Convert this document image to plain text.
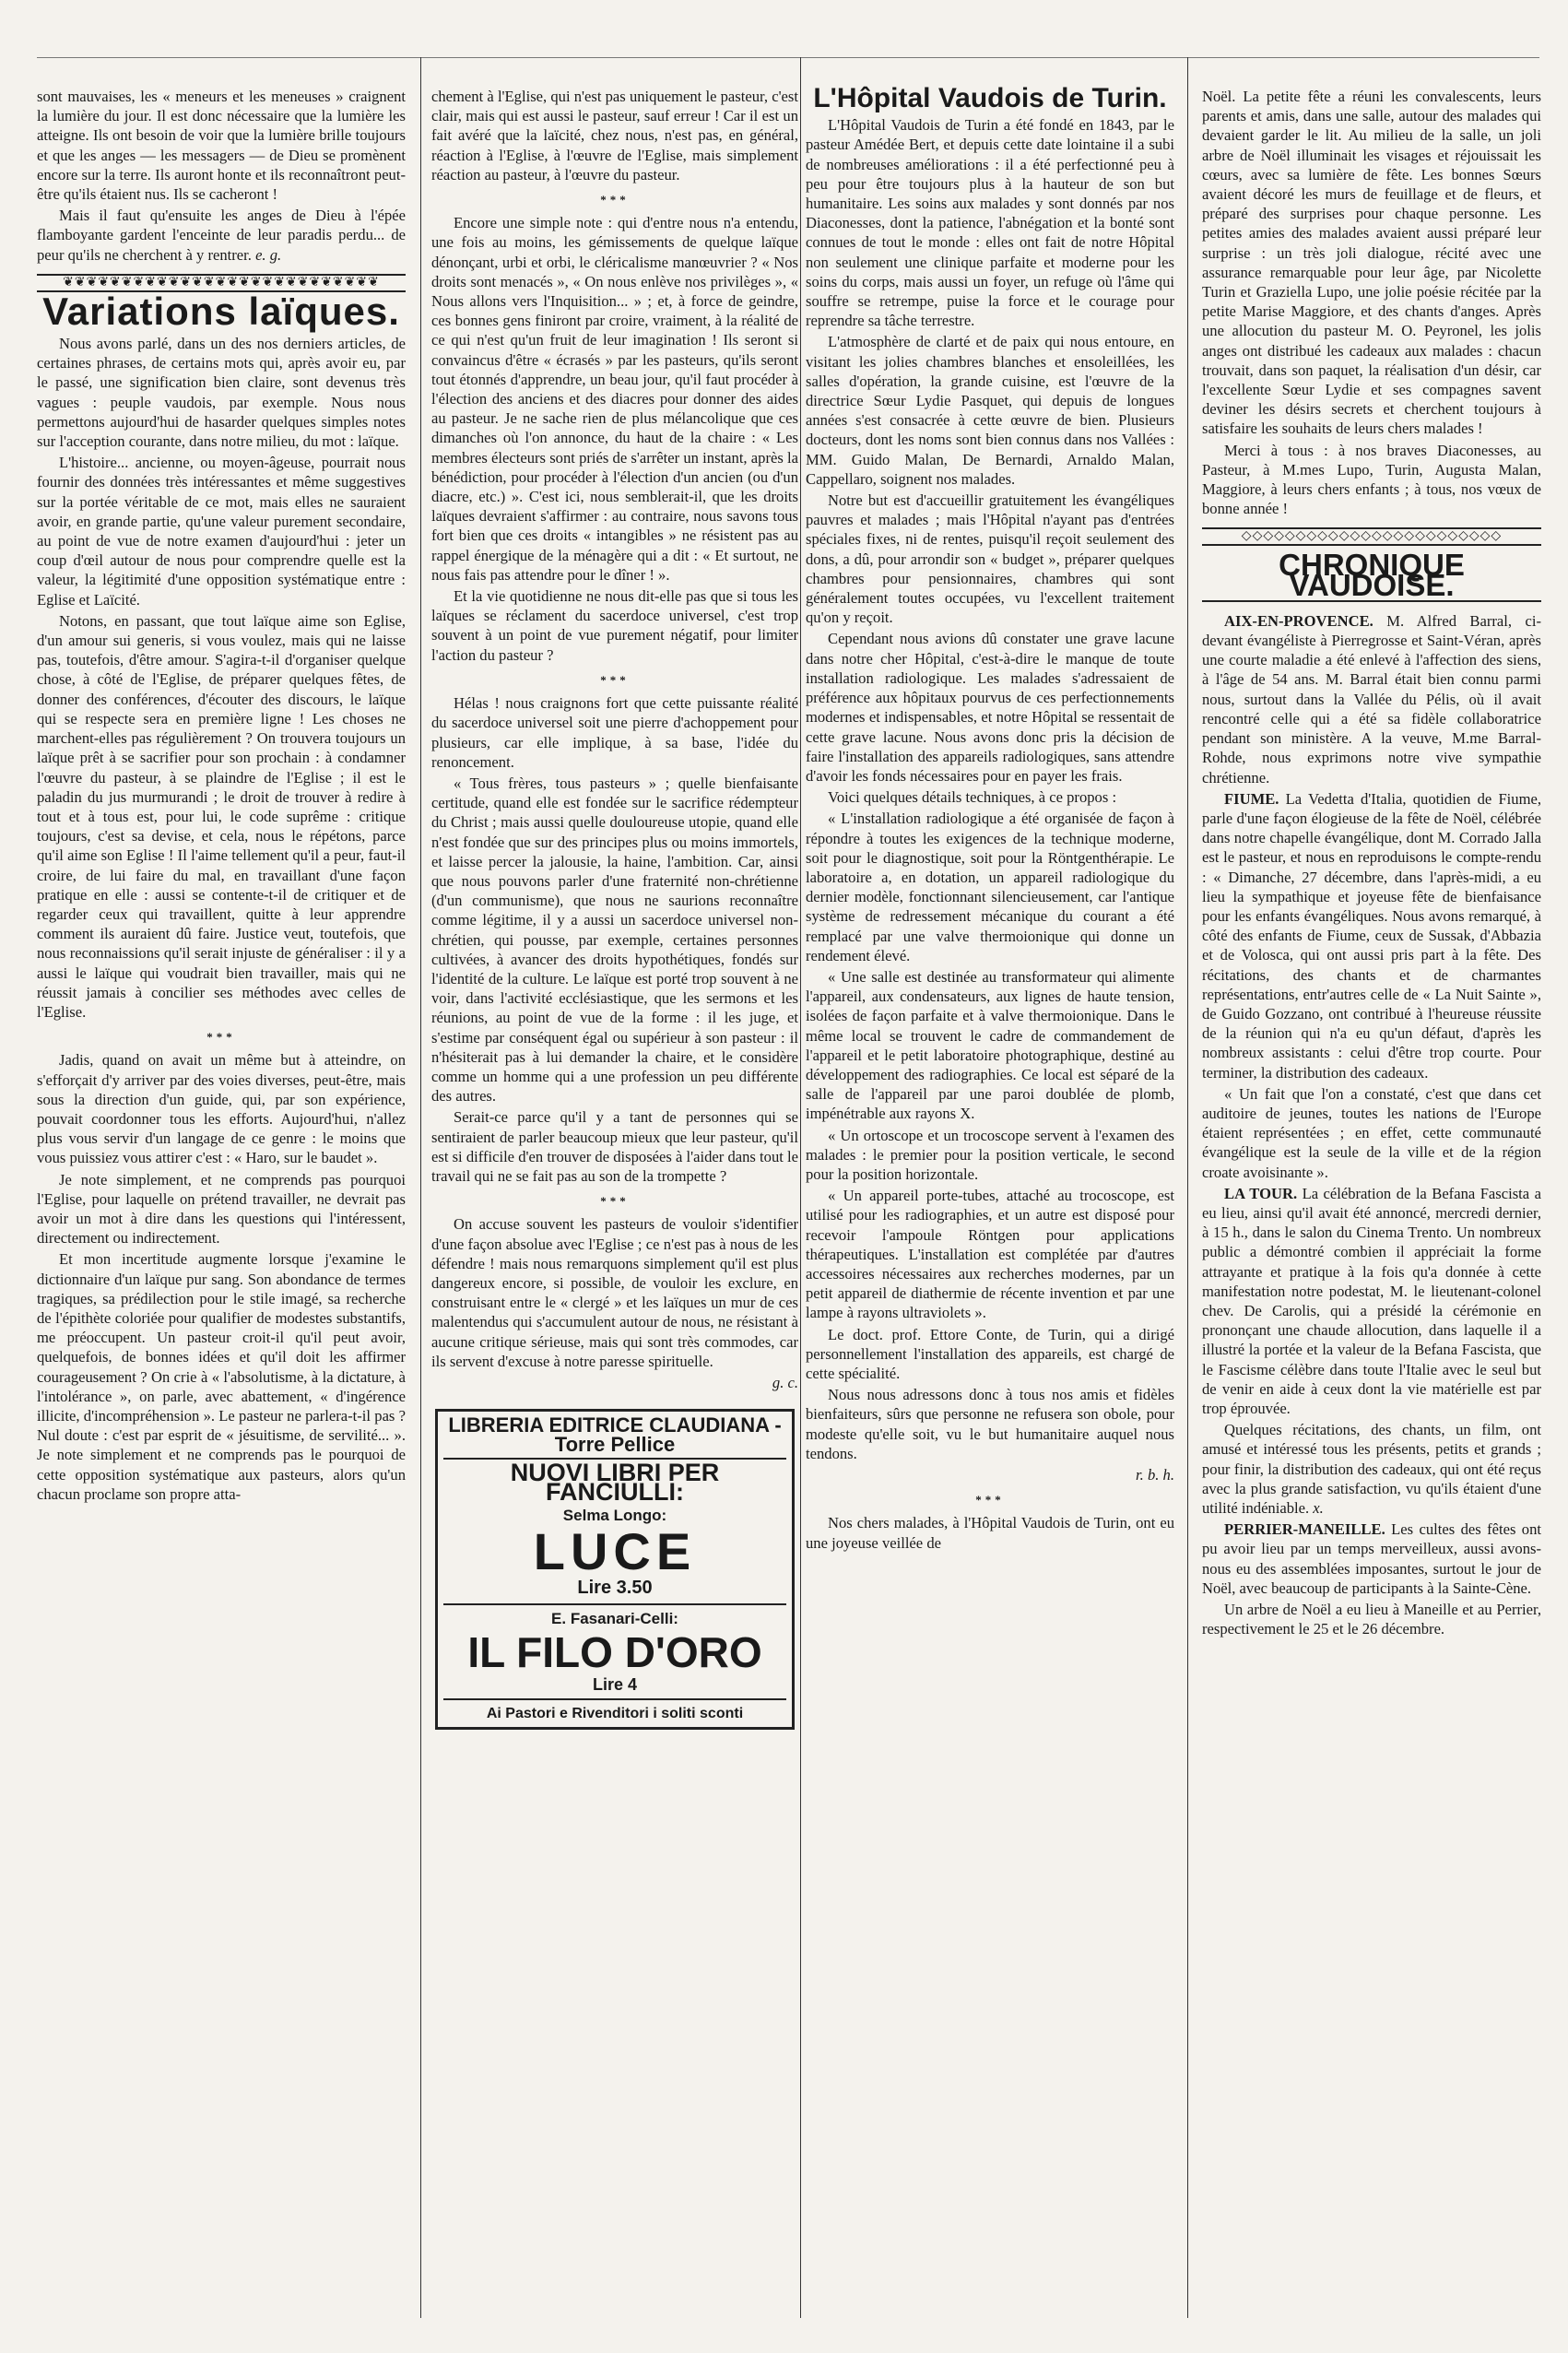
sont mauvaises, les « meneurs et les meneuses » craignent la lumière du jour. Il est donc nécessaire que la lumière les atteigne. Ils ont besoin de voir que la lumière brille toujours et que les anges — les messagers — de Dieu se promènent encore sur la terre. Ils auront honte et ils reconnaîtront peut-être qu'ils étaient nus. Ils se cacheront !

Mais il faut qu'ensuite les anges de Dieu à l'épée flamboyante gardent l'enceinte de leur paradis perdu... de peur qu'ils ne cherchent à y rentrer. e. g.

❦❦❦❦❦❦❦❦❦❦❦❦❦❦❦❦❦❦❦❦❦❦❦❦❦❦❦
Variations laïques.

Nous avons parlé, dans un des nos derniers articles, de certaines phrases, de certains mots qui, après avoir eu, par le passé, une signification bien claire, sont devenus très vagues : peuple vaudois, par exemple. Nous nous permettons aujourd'hui de hasarder quelques simples notes sur l'acception courante, dans notre milieu, du mot : laïque.

L'histoire... ancienne, ou moyen-âgeuse, pourrait nous fournir des données très intéressantes et même suggestives sur la portée véritable de ce mot, mais elles ne sauraient avoir, en grande partie, qu'une valeur purement secondaire, au point de vue de notre examen d'aujourd'hui : jeter un coup d'œil autour de nous pour comprendre quelle est la valeur, la légitimité d'une opposition systématique entre : Eglise et Laïcité.

Notons, en passant, que tout laïque aime son Eglise, d'un amour sui generis, si vous voulez, mais qui ne laisse pas, toutefois, d'être amour. S'agira-t-il d'organiser quelque chose, à côté de l'Eglise, de préparer quelques fêtes, de donner des conférences, d'écouter des discours, le laïque qui se respecte sera en première ligne ! Les choses ne marchent-elles pas régulièrement ? On trouvera toujours un laïque prêt à se sacrifier pour son prochain : à condamner l'œuvre du pasteur, à se plaindre de l'Eglise ; il est le paladin du jus murmurandi ; le droit de trouver à redire à tout et à tous est, pour lui, le code suprême : critique toujours, c'est sa devise, et cela, nous le répétons, parce qu'il aime son Eglise ! Il l'aime tellement qu'il a peur, faut-il croire, de lui faire du mal, en travaillant d'une façon pratique en elle : aussi se contente-t-il de critiquer et de regarder ceux qui travaillent, quitte à leur apprendre comment ils auraient dû faire. Justice veut, toutefois, que nous reconnaissions qu'il serait injuste de généraliser : il y a aussi le laïque qui voudrait bien travailler, mais qui ne réussit jamais à concilier ses méthodes avec celles de l'Eglise.

***

Jadis, quand on avait un même but à atteindre, on s'efforçait d'y arriver par des voies diverses, peut-être, mais sous la direction d'un guide, qui, par son expérience, pouvait coordonner tous les efforts. Aujourd'hui, n'allez plus vous servir d'un langage de ce genre : le moins que vous puissiez vous attirer c'est : « Haro, sur le baudet ».

Je note simplement, et ne comprends pas pourquoi l'Eglise, pour laquelle on prétend travailler, ne devrait pas avoir un mot à dire dans les questions qui l'intéressent, directement ou indirectement.

Et mon incertitude augmente lorsque j'examine le dictionnaire d'un laïque pur sang. Son abondance de termes tragiques, sa prédilection pour le stile imagé, sa recherche de l'épithète coloriée pour qualifier de modestes substantifs, me préoccupent. Un pasteur croit-il qu'il peut avoir, quelquefois, de bonnes idées et qu'il doit les affirmer courageusement ? On crie à « l'absolutisme, à la dictature, à l'intolérance », on parle, avec abattement, « d'ingérence illicite, d'incompréhension ». Le pasteur ne parlera-t-il pas ? Nul doute : c'est par esprit de « jésuitisme, de servilité... ». Je note simplement et ne comprends pas le pourquoi de cette opposition systématique aux pasteurs, alors qu'un chacun proclame son propre atta-

chement à l'Eglise, qui n'est pas uniquement le pasteur, c'est clair, mais qui est aussi le pasteur, sauf erreur ! Car il est un fait avéré que la laïcité, chez nous, n'est pas, en général, réaction à l'Eglise, à l'œuvre de l'Eglise, mais simplement réaction au pasteur, à l'œuvre du pasteur.

***

Encore une simple note : qui d'entre nous n'a entendu, une fois au moins, les gémissements de quelque laïque dénonçant, urbi et orbi, le cléricalisme manœuvrier ? « Nos droits sont menacés », « On nous enlève nos privilèges », « Nous allons vers l'Inquisition... » ; et, à force de geindre, ces bonnes gens finiront par croire, vraiment, à la réalité de ce qui n'est qu'un fruit de leur imagination ! Ils seront si convaincus d'être « écrasés » par les pasteurs, qu'ils seront tout étonnés d'apprendre, un beau jour, qu'il faut procéder à l'élection des anciens et des diacres pour donner des aides au pasteur. Je ne sache rien de plus mélancolique que ces dimanches où l'on annonce, du haut de la chaire : « Les membres électeurs sont priés de s'arrêter un instant, après la bénédiction, pour procéder à l'élection d'un ancien (ou d'un diacre, etc.) ». C'est ici, nous semblerait-il, que les droits laïques devraient s'affirmer : au contraire, nous savons tous fort bien que ces droits « intangibles » ne résistent pas au rappel énergique de la ménagère qui a dit : « Et surtout, ne nous fais pas attendre pour le dîner ! ».

Et la vie quotidienne ne nous dit-elle pas que si tous les laïques se réclament du sacerdoce universel, c'est trop souvent à un point de vue purement négatif, pour limiter l'action du pasteur ?

***

Hélas ! nous craignons fort que cette puissante réalité du sacerdoce universel soit une pierre d'achoppement pour plusieurs, car elle implique, à sa base, l'idée du renoncement.

« Tous frères, tous pasteurs » ; quelle bienfaisante certitude, quand elle est fondée sur le sacrifice rédempteur du Christ ; mais aussi quelle douloureuse utopie, quand elle n'est fondée que sur des principes plus ou moins immortels, et laisse percer la jalousie, la haine, l'ambition. Car, ainsi que nous pouvons parler d'une fraternité non-chrétienne (d'un communisme), que nous ne saurions reconnaître comme légitime, il y a aussi un sacerdoce universel non-chrétien, qui pousse, par exemple, certaines personnes cultivées, à avancer des droits hypothétiques, fondés sur l'identité de la culture. Le laïque est porté trop souvent à ne voir, dans l'activité ecclésiastique, que les sermons et les réunions, au point de vue de la forme : il les juge, et s'estime par conséquent égal ou supérieur à son pasteur : il n'hésiterait pas à lui demander la chaire, et le considère comme un homme qui a une profession un peu différente des autres.

Serait-ce parce qu'il y a tant de personnes qui se sentiraient de parler beaucoup mieux que leur pasteur, qu'il est si difficile d'en trouver de disposées à l'aider dans tout le travail qui ne se fait pas au son de la trompette ?

***

On accuse souvent les pasteurs de vouloir s'identifier d'une façon absolue avec l'Eglise ; ce n'est pas à nous de les défendre ! mais nous remarquons simplement qu'il est plus dangereux encore, si possible, de vouloir les exclure, en construisant entre le « clergé » et les laïques un mur de ces malentendus qui s'accumulent autour de nous, ne résistant à aucune critique sérieuse, mais qui sont très commodes, car ils servent d'excuse à notre paresse spirituelle.

g. c.
LIBRERIA EDITRICE CLAUDIANA - Torre Pellice
NUOVI LIBRI PER FANCIULLI:
Selma Longo:
LUCE
Lire 3.50
E. Fasanari-Celli:
IL FILO D'ORO
Lire 4
Ai Pastori e Rivenditori i soliti sconti
L'Hôpital Vaudois de Turin.

L'Hôpital Vaudois de Turin a été fondé en 1843, par le pasteur Amédée Bert, et depuis cette date lointaine il a subi de nombreuses améliorations : il a été perfectionné peu à peu pour être toujours plus à la hauteur de son but humanitaire. Les soins aux malades y sont donnés par nos Diaconesses, dont la patience, l'abnégation et la bonté sont connues de tout le monde : elles ont fait de notre Hôpital non seulement une clinique parfaite et moderne pour les soins du corps, mais aussi un foyer, un refuge où l'âme qui souffre se retrempe, puise la force et le courage pour reprendre sa tâche terrestre.

L'atmosphère de clarté et de paix qui nous entoure, en visitant les jolies chambres blanches et ensoleillées, les salles d'opération, la grande cuisine, est l'œuvre de la directrice Sœur Lydie Pasquet, qui depuis de longues années s'est consacrée à cette œuvre de bien. Plusieurs docteurs, dont les noms sont bien connus dans nos Vallées : MM. Guido Malan, De Bernardi, Arnaldo Malan, Cappellaro, soignent nos malades.

Notre but est d'accueillir gratuitement les évangéliques pauvres et malades ; mais l'Hôpital n'ayant pas d'entrées spéciales fixes, ni de rentes, puisqu'il reçoit seulement des dons, a dû, pour arrondir son « budget », préparer quelques chambres pour pensionnaires, chambres qui sont généralement toutes occupées, vu l'excellent traitement qu'on y reçoit.

Cependant nous avions dû constater une grave lacune dans notre cher Hôpital, c'est-à-dire le manque de toute installation radiologique. Les malades s'adressaient de préférence aux hôpitaux pourvus de ces perfectionnements modernes et indispensables, et notre Hôpital se ressentait de cette grave lacune. Nous avons donc pris la décision de faire l'installation des appareils radiologiques, sans attendre d'avoir les fonds nécessaires pour en payer les frais.

Voici quelques détails techniques, à ce propos :

« L'installation radiologique a été organisée de façon à répondre à toutes les exigences de la technique moderne, soit pour le diagnostique, soit pour la Röntgenthérapie. Le laboratoire a, en dotation, un appareil radiologique du dernier modèle, fonctionnant silencieusement, car l'antique système de redressement mécanique du courant a été remplacé par une valve thermoionique qui donne un rendement élevé.

« Une salle est destinée au transformateur qui alimente l'appareil, aux condensateurs, aux lignes de haute tension, isolées de façon parfaite et à valve thermoionique. Dans le même local se trouvent le cadre de commandement de l'appareil et le petit laboratoire photographique, destiné au développement des radiographies. Ce local est séparé de la salle de l'appareil par une paroi doublée de plomb, impénétrable aux rayons X.

« Un ortoscope et un trocoscope servent à l'examen des malades : le premier pour la position verticale, le second pour la position horizontale.

« Un appareil porte-tubes, attaché au trocoscope, est utilisé pour les radiographies, et un autre est disposé pour recevoir l'ampoule Röntgen pour applications thérapeutiques. L'installation est complétée par d'autres accessoires nécessaires aux recherches modernes, par un petit appareil de diathermie de récente invention et par une lampe à rayons ultraviolets ».

Le doct. prof. Ettore Conte, de Turin, qui a dirigé personnellement l'installation des appareils, est chargé de cette spécialité.

Nous nous adressons donc à tous nos amis et fidèles bienfaiteurs, sûrs que personne ne refusera son obole, pour modeste qu'elle soit, vu le but humanitaire auquel nous tendons.

r. b. h.
***

Nos chers malades, à l'Hôpital Vaudois de Turin, ont eu une joyeuse veillée de

Noël. La petite fête a réuni les convalescents, leurs parents et amis, dans une salle, autour des malades qui devaient garder le lit. Au milieu de la salle, un joli arbre de Noël illuminait les visages et réjouissait les cœurs, avec sa lumière de fête. Les bonnes Sœurs avaient décoré les murs de feuillage et de fleurs, et préparé des surprises pour chaque personne. Les petites amies des malades avaient aussi préparé leur surprise : un très joli dialogue, récité avec une assurance remarquable pour leur âge, par Nicolette Turin et Graziella Lupo, une jolie poésie récitée par la petite Marise Maggiore, et des chants d'anges. Après une allocution du pasteur M. O. Peyronel, les jolis anges ont distribué les cadeaux aux malades : chacun trouvait, dans son paquet, la réalisation d'un désir, car l'excellente Sœur Lydie et ses compagnes savent deviner les désirs secrets et cherchent toujours à satisfaire les souhaits de leurs chers malades !

Merci à tous : à nos braves Diaconesses, au Pasteur, à M.mes Lupo, Turin, Augusta Malan, Maggiore, à leurs chers enfants ; à tous, nos vœux de bonne année !

◇◇◇◇◇◇◇◇◇◇◇◇◇◇◇◇◇◇◇◇◇◇◇◇
CHRONIQUE VAUDOISE.

AIX-EN-PROVENCE. M. Alfred Barral, ci-devant évangéliste à Pierregrosse et Saint-Véran, après une courte maladie a été enlevé à l'affection des siens, à l'âge de 54 ans. M. Barral était bien connu parmi nous, surtout dans la Vallée du Pélis, où il avait rencontré celle qui a été sa fidèle collaboratrice pendant son ministère. A la veuve, M.me Barral-Rohde, nous exprimons notre vive sympathie chrétienne.

FIUME. La Vedetta d'Italia, quotidien de Fiume, parle d'une façon élogieuse de la fête de Noël, célébrée dans notre chapelle évangélique, dont M. Corrado Jalla est le pasteur, et nous en reproduisons le compte-rendu : « Dimanche, 27 décembre, dans l'après-midi, a eu lieu la sympathique et joyeuse fête de bienfaisance pour les enfants évangéliques. Nous avons remarqué, à côté des enfants de Fiume, ceux de Sussak, d'Abbazia et de Volosca, qui ont aussi pris part à la fête. Des récitations, des chants et de charmantes représentations, entr'autres celle de « La Nuit Sainte », de Guido Gozzano, ont contribué à l'heureuse réussite de la réunion qui n'a eu qu'un défaut, d'après les nombreux assistants : celui d'être trop courte. Pour terminer, la distribution des cadeaux.

« Un fait que l'on a constaté, c'est que dans cet auditoire de jeunes, toutes les nations de l'Europe étaient représentées ; en effet, cette communauté évangélique est la seule de la ville et de la région croate avoisinante ».

LA TOUR. La célébration de la Befana Fascista a eu lieu, ainsi qu'il avait été annoncé, mercredi dernier, à 15 h., dans le salon du Cinema Trento. Un nombreux public a démontré combien il appréciait la forme attrayante et pratique à la fois qu'a donnée à cette manifestation notre podestat, M. le lieutenant-colonel chev. De Carolis, qui a présidé la cérémonie en prononçant une chaude allocution, dans laquelle il a illustré la portée et la valeur de la Befana Fascista, que le Fascisme célèbre dans toute l'Italie avec le seul but de venir en aide à ceux dont la vie matérielle est par trop éprouvée.

Quelques récitations, des chants, un film, ont amusé et intéressé tous les présents, petits et grands ; pour finir, la distribution des cadeaux, qui ont été reçus avec la plus grande satisfaction, vu qu'ils étaient d'une utilité indéniable. x.

PERRIER-MANEILLE. Les cultes des fêtes ont pu avoir lieu par un temps merveilleux, aussi avons-nous eu des assemblées imposantes, surtout le jour de Noël, avec beaucoup de participants à la Sainte-Cène.

Un arbre de Noël a eu lieu à Maneille et au Perrier, respectivement le 25 et le 26 décembre.
